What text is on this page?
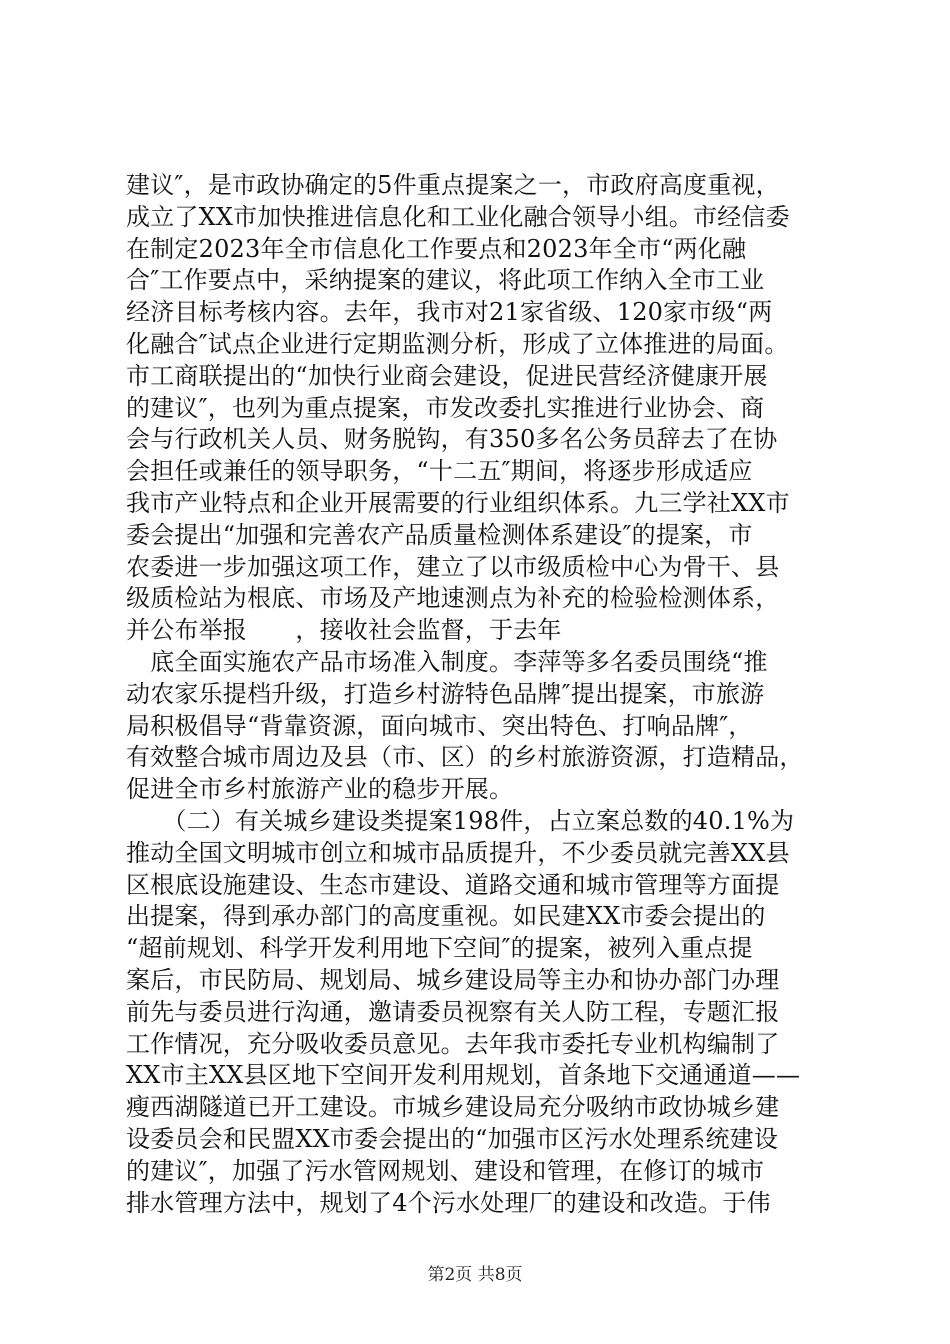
建议″，是市政协确定的5件重点提案之一，市政府高度重视，
成立了XX市加快推进信息化和工业化融合领导小组。市经信委
在制定2023年全市信息化工作要点和2023年全市“两化融
合″工作要点中，采纳提案的建议，将此项工作纳入全市工业
经济目标考核内容。去年，我市对21家省级、120家市级“两
化融合″试点企业进行定期监测分析，形成了立体推进的局面。
市工商联提出的“加快行业商会建设，促进民营经济健康开展
的建议″，也列为重点提案，市发改委扎实推进行业协会、商
会与行政机关人员、财务脱钩，有350多名公务员辞去了在协
会担任或兼任的领导职务，“十二五″期间，将逐步形成适应
我市产业特点和企业开展需要的行业组织体系。九三学社XX市
委会提出“加强和完善农产品质量检测体系建设″的提案，市
农委进一步加强这项工作，建立了以市级质检中心为骨干、县
级质检站为根底、市场及产地速测点为补充的检验检测体系，
并公布举报　　，接收社会监督，于去年
　底全面实施农产品市场准入制度。李萍等多名委员围绕“推
动农家乐提档升级，打造乡村游特色品牌″提出提案，市旅游
局积极倡导“背靠资源，面向城市、突出特色、打响品牌″，
有效整合城市周边及县（市、区）的乡村旅游资源，打造精品，
促进全市乡村旅游产业的稳步开展。
　　（二）有关城乡建设类提案198件，占立案总数的40.1%为
推动全国文明城市创立和城市品质提升，不少委员就完善XX县
区根底设施建设、生态市建设、道路交通和城市管理等方面提
出提案，得到承办部门的高度重视。如民建XX市委会提出的
“超前规划、科学开发利用地下空间″的提案，被列入重点提
案后，市民防局、规划局、城乡建设局等主办和协办部门办理
前先与委员进行沟通，邀请委员视察有关人防工程，专题汇报
工作情况，充分吸收委员意见。去年我市委托专业机构编制了
XX市主XX县区地下空间开发利用规划，首条地下交通通道——
瘦西湖隧道已开工建设。市城乡建设局充分吸纳市政协城乡建
设委员会和民盟XX市委会提出的“加强市区污水处理系统建设
的建议″，加强了污水管网规划、建设和管理，在修订的城市
排水管理方法中，规划了4个污水处理厂的建设和改造。于伟
第2页 共8页
